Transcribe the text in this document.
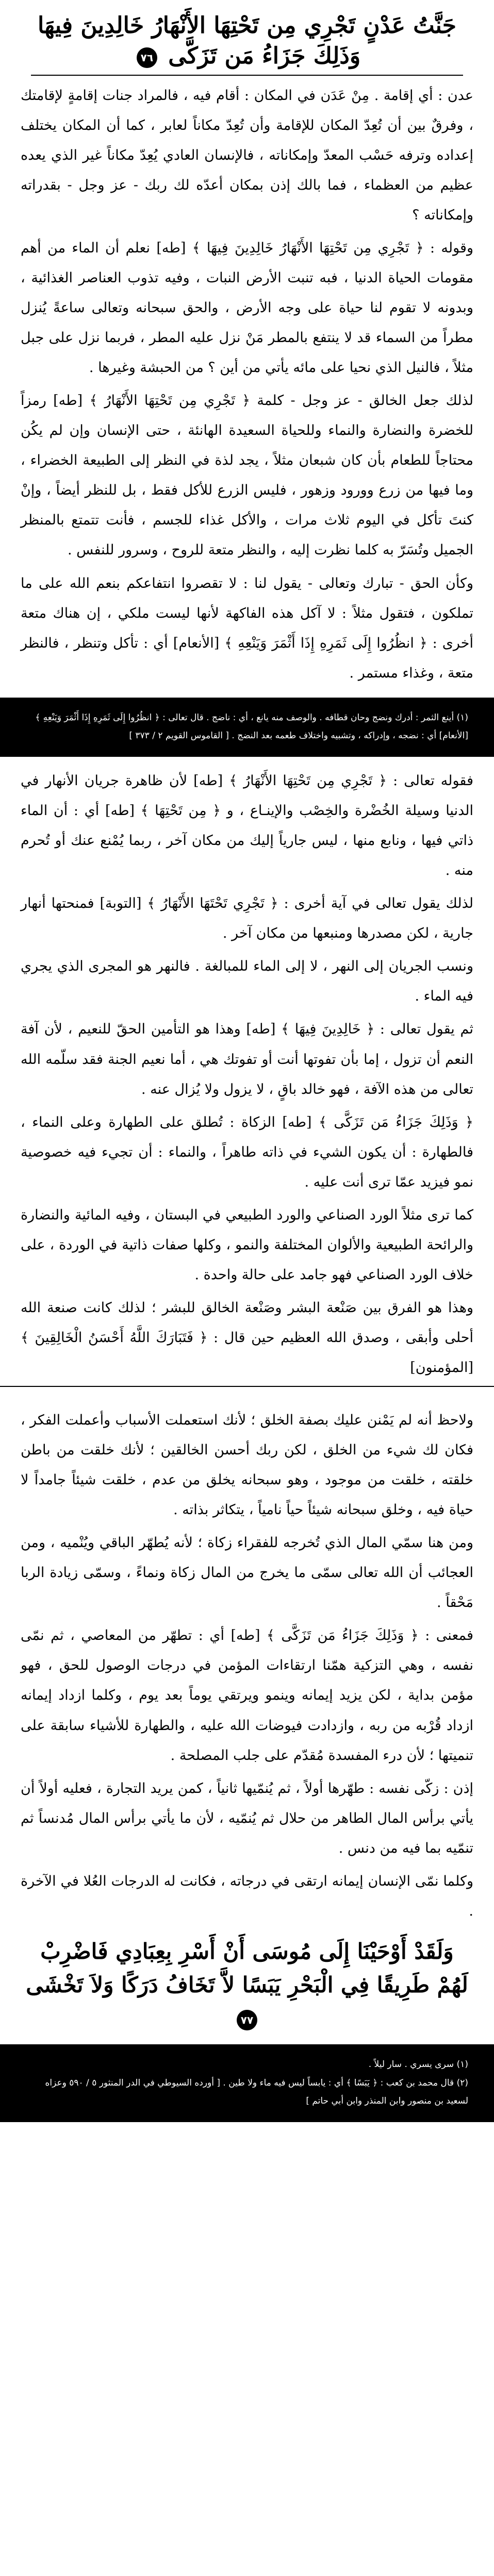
جَنَّتُ عَدْنٍ تَجْرِي مِن تَحْتِهَا الأَنْهَارُ خَالِدِينَ فِيهَا وَذَلِكَ جَزَاءُ مَن تَزَكَّى ٧٦

عدن : أي إقامة . مِنْ عَدَن في المكان : أقام فيه ، فالمراد جنات إقامةٍ لإقامتك ، وفرقٌ بين أن تُعِدّ المكان للإقامة وأن تُعِدّ مكاناً لعابر ، كما أن المكان يختلف إعداده وترفه حَسْب المعدّ وإمكاناته ، فالإنسان العادي يُعِدّ مكاناً غير الذي يعده عظيم من العظماء ، فما بالك إذن بمكان أعدّه لك ربك - عز وجل - بقدراته وإمكاناته ؟

وقوله : ﴿ تَجْرِي مِن تَحْتِهَا الأَنْهَارُ خَالِدِينَ فِيهَا ﴾ [طه] نعلم أن الماء من أهم مقومات الحياة الدنيا ، فبه تنبت الأرض النبات ، وفيه تذوب العناصر الغذائية ، وبدونه لا تقوم لنا حياة على وجه الأرض ، والحق سبحانه وتعالى ساعةً يُنزل مطراً من السماء قد لا ينتفع بالمطر مَنْ نزل عليه المطر ، فربما نزل على جبل مثلاً ، فالنيل الذي نحيا على مائه يأتي من أين ؟ من الحبشة وغيرها .

لذلك جعل الخالق - عز وجل - كلمة ﴿ تَجْرِي مِن تَحْتِهَا الأَنْهَارُ ﴾ [طه] رمزاً للخضرة والنضارة والنماء وللحياة السعيدة الهانئة ، حتى الإنسان وإن لم يكُن محتاجاً للطعام بأن كان شبعان مثلاً ، يجد لذة في النظر إلى الطبيعة الخضراء ، وما فيها من زرع وورود وزهور ، فليس الزرع للأكل فقط ، بل للنظر أيضاً ، وإنْ كنتَ تأكل في اليوم ثلاث مرات ، والأكل غذاء للجسم ، فأنت تتمتع بالمنظر الجميل وتُسَرّ به كلما نظرت إليه ، والنظر متعة للروح ، وسرور للنفس .

وكأن الحق - تبارك وتعالى - يقول لنا : لا تقصروا انتفاعكم بنعم الله على ما تملكون ، فتقول مثلاً : لا آكل هذه الفاكهة لأنها ليست ملكي ، إن هناك متعة أخرى : ﴿ انظُرُوا إِلَى ثَمَرِهِ إِذَا أَثْمَرَ وَيَنْعِهِ ﴾ [الأنعام] أي : تأكل وتنظر ، فالنظر متعة ، وغذاء مستمر .

(١) أينع الثمر : أدرك ونضج وحان قطافه . والوصف منه يانع ، أي : ناضج . قال تعالى : ﴿ انظُرُوا إِلَى ثَمَرِهِ إِذَا أَثْمَرَ وَيَنْعِهِ ﴾ [الأنعام] أي : نضجه ، وإدراكه ، وتشبيه واختلاف طعمه بعد النضج . [ القاموس القويم ٢ / ٣٧٣ ]

فقوله تعالى : ﴿ تَجْرِي مِن تَحْتِهَا الأَنْهَارُ ﴾ [طه] لأن ظاهرة جريان الأنهار في الدنيا وسيلة الخُضْرة والخِصْب والإينـاع ، و ﴿ مِن تَحْتِهَا ﴾ [طه] أي : أن الماء ذاتي فيها ، ونابع منها ، ليس جارياً إليك من مكان آخر ، ربما يُمْنع عنك أو تُحرم منه .

لذلك يقول تعالى في آية أخرى : ﴿ تَجْرِي تَحْتَهَا الأَنْهَارُ ﴾ [التوبة] فمنحتها أنهار جارية ، لكن مصدرها ومنبعها من مكان آخر .

ونسب الجريان إلى النهر ، لا إلى الماء للمبالغة . فالنهر هو المجرى الذي يجري فيه الماء .

ثم يقول تعالى : ﴿ خَالِدِينَ فِيهَا ﴾ [طه] وهذا هو التأمين الحقّ للنعيم ، لأن آفة النعم أن تزول ، إما بأن تفوتها أنت أو تفوتك هي ، أما نعيم الجنة فقد سلّمه الله تعالى من هذه الآفة ، فهو خالد باقٍ ، لا يزول ولا يُزال عنه .

﴿ وَذَلِكَ جَزَاءُ مَن تَزَكَّى ﴾ [طه] الزكاة : تُطلق على الطهارة وعلى النماء ، فالطهارة : أن يكون الشيء في ذاته طاهراً ، والنماء : أن تجيء فيه خصوصية نمو فيزيد عمّا ترى أنت عليه .

كما ترى مثلاً الورد الصناعي والورد الطبيعي في البستان ، وفيه المائية والنضارة والرائحة الطبيعية والألوان المختلفة والنمو ، وكلها صفات ذاتية في الوردة ، على خلاف الورد الصناعي فهو جامد على حالة واحدة .

وهذا هو الفرق بين صَنْعة البشر وصَنْعة الخالق للبشر ؛ لذلك كانت صنعة الله أحلى وأبقى ، وصدق الله العظيم حين قال : ﴿ فَتَبَارَكَ اللَّهُ أَحْسَنُ الْخَالِقِينَ ﴾ [المؤمنون]

ولاحظ أنه لم يَمْنن عليك بصفة الخلق ؛ لأنك استعملت الأسباب وأعملت الفكر ، فكان لك شيء من الخلق ، لكن ربك أحسن الخالقين ؛ لأنك خلقت من باطن خلقته ، خلقت من موجود ، وهو سبحانه يخلق من عدم ، خلقت شيئاً جامداً لا حياة فيه ، وخلق سبحانه شيئاً حياً نامياً ، يتكاثر بذاته .

ومن هنا سمّي المال الذي تُخرجه للفقراء زكاة ؛ لأنه يُطهّر الباقي ويُنْميه ، ومن العجائب أن الله تعالى سمّى ما يخرج من المال زكاة ونماءً ، وسمّى زيادة الربا مَحْقاً .

فمعنى : ﴿ وَذَلِكَ جَزَاءُ مَن تَزَكَّى ﴾ [طه] أي : تطهّر من المعاصي ، ثم نمّى نفسه ، وهي التزكية همّنا ارتقاءات المؤمن في درجات الوصول للحق ، فهو مؤمن بداية ، لكن يزيد إيمانه وينمو ويرتقي يوماً بعد يوم ، وكلما ازداد إيمانه ازداد قُرْبه من ربه ، وازدادت فيوضات الله عليه ، والطهارة للأشياء سابقة على تنميتها ؛ لأن درء المفسدة مُقدّم على جلب المصلحة .

إذن : زكّى نفسه : طهّرها أولاً ، ثم يُنمّيها ثانياً ، كمن يريد التجارة ، فعليه أولاً أن يأتي برأس المال الطاهر من حلال ثم يُنمّيه ، لأن ما يأتي برأس المال مُدنساً ثم تنمّيه بما فيه من دنس .

وكلما نمّى الإنسان إيمانه ارتقى في درجاته ، فكانت له الدرجات العُلا في الآخرة .

وَلَقَدْ أَوْحَيْنَا إِلَى مُوسَى أَنْ أَسْرِ بِعِبَادِي فَاضْرِبْ لَهُمْ طَرِيقًا فِي الْبَحْرِ يَبَسًا لاَّ تَخَافُ دَرَكًا وَلاَ تَخْشَى ٧٧

(١) سرى يسري . سار ليلاً .

(٢) قال محمد بن كعب : ﴿ يَبَسًا ﴾ أي : يابساً ليس فيه ماء ولا طين . [ أورده السيوطي في الدر المنثور ٥ / ٥٩٠ وعزاه لسعيد بن منصور وابن المنذر وابن أبي حاتم ]
